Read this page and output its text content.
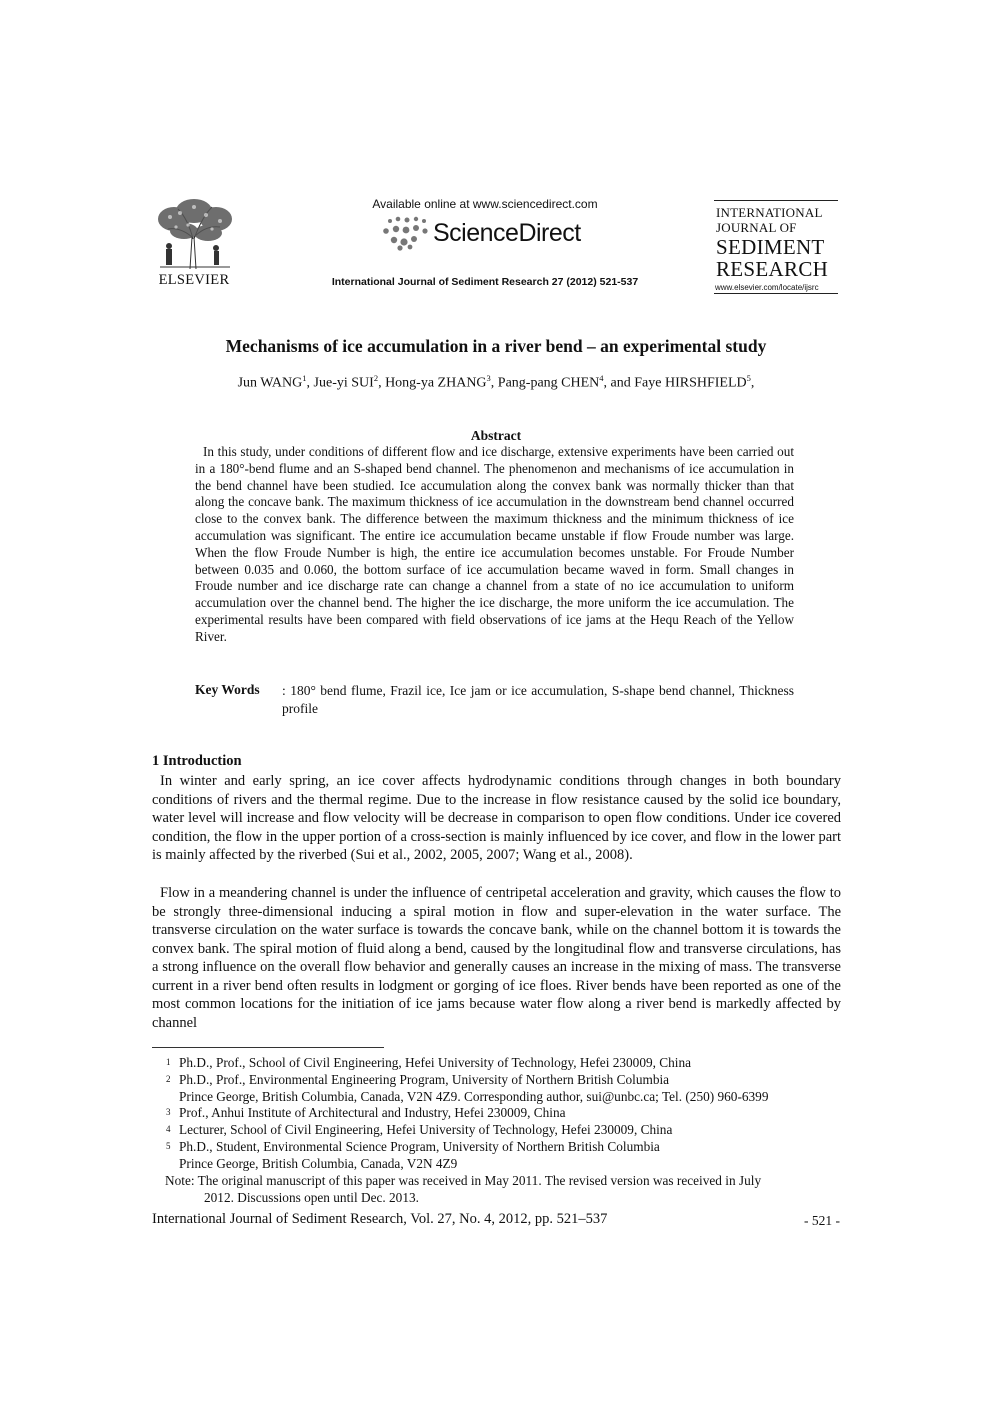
ELSEVIER
Available online at www.sciencedirect.com
ScienceDirect
International Journal of Sediment Research 27 (2012) 521-537
INTERNATIONAL
JOURNAL OF
SEDIMENT
RESEARCH
www.elsevier.com/locate/ijsrc
Mechanisms of ice accumulation in a river bend – an experimental study
Jun WANG$^1$, Jue-yi SUI$^2$, Hong-ya ZHANG$^3$, Pang-pang CHEN$^4$, and Faye HIRSHFIELD$^5$,
Abstract
In this study, under conditions of different flow and ice discharge, extensive experiments have been carried out in a 180°-bend flume and an S-shaped bend channel. The phenomenon and mechanisms of ice accumulation in the bend channel have been studied. Ice accumulation along the convex bank was normally thicker than that along the concave bank. The maximum thickness of ice accumulation in the downstream bend channel occurred close to the convex bank. The difference between the maximum thickness and the minimum thickness of ice accumulation was significant. The entire ice accumulation became unstable if flow Froude number was large. When the flow Froude Number is high, the entire ice accumulation becomes unstable. For Froude Number between 0.035 and 0.060, the bottom surface of ice accumulation became waved in form. Small changes in Froude number and ice discharge rate can change a channel from a state of no ice accumulation to uniform accumulation over the channel bend. The higher the ice discharge, the more uniform the ice accumulation. The experimental results have been compared with field observations of ice jams at the Hequ Reach of the Yellow River.
Key Words : 180° bend flume, Frazil ice, Ice jam or ice accumulation, S-shape bend channel, Thickness profile
1 Introduction
In winter and early spring, an ice cover affects hydrodynamic conditions through changes in both boundary conditions of rivers and the thermal regime. Due to the increase in flow resistance caused by the solid ice boundary, water level will increase and flow velocity will be decrease in comparison to open flow conditions. Under ice covered condition, the flow in the upper portion of a cross-section is mainly influenced by ice cover, and flow in the lower part is mainly affected by the riverbed (Sui et al., 2002, 2005, 2007; Wang et al., 2008).
Flow in a meandering channel is under the influence of centripetal acceleration and gravity, which causes the flow to be strongly three-dimensional inducing a spiral motion in flow and super-elevation in the water surface. The transverse circulation on the water surface is towards the concave bank, while on the channel bottom it is towards the convex bank. The spiral motion of fluid along a bend, caused by the longitudinal flow and transverse circulations, has a strong influence on the overall flow behavior and generally causes an increase in the mixing of mass. The transverse current in a river bend often results in lodgment or gorging of ice floes. River bends have been reported as one of the most common locations for the initiation of ice jams because water flow along a river bend is markedly affected by channel
1 Ph.D., Prof., School of Civil Engineering, Hefei University of Technology, Hefei 230009, China
2 Ph.D., Prof., Environmental Engineering Program, University of Northern British Columbia
Prince George, British Columbia, Canada, V2N 4Z9. Corresponding author, sui@unbc.ca; Tel. (250) 960-6399
3 Prof., Anhui Institute of Architectural and Industry, Hefei 230009, China
4 Lecturer, School of Civil Engineering, Hefei University of Technology, Hefei 230009, China
5 Ph.D., Student, Environmental Science Program, University of Northern British Columbia
Prince George, British Columbia, Canada, V2N 4Z9
Note: The original manuscript of this paper was received in May 2011. The revised version was received in July
2012. Discussions open until Dec. 2013.
International Journal of Sediment Research, Vol. 27, No. 4, 2012, pp. 521–537	- 521 -
